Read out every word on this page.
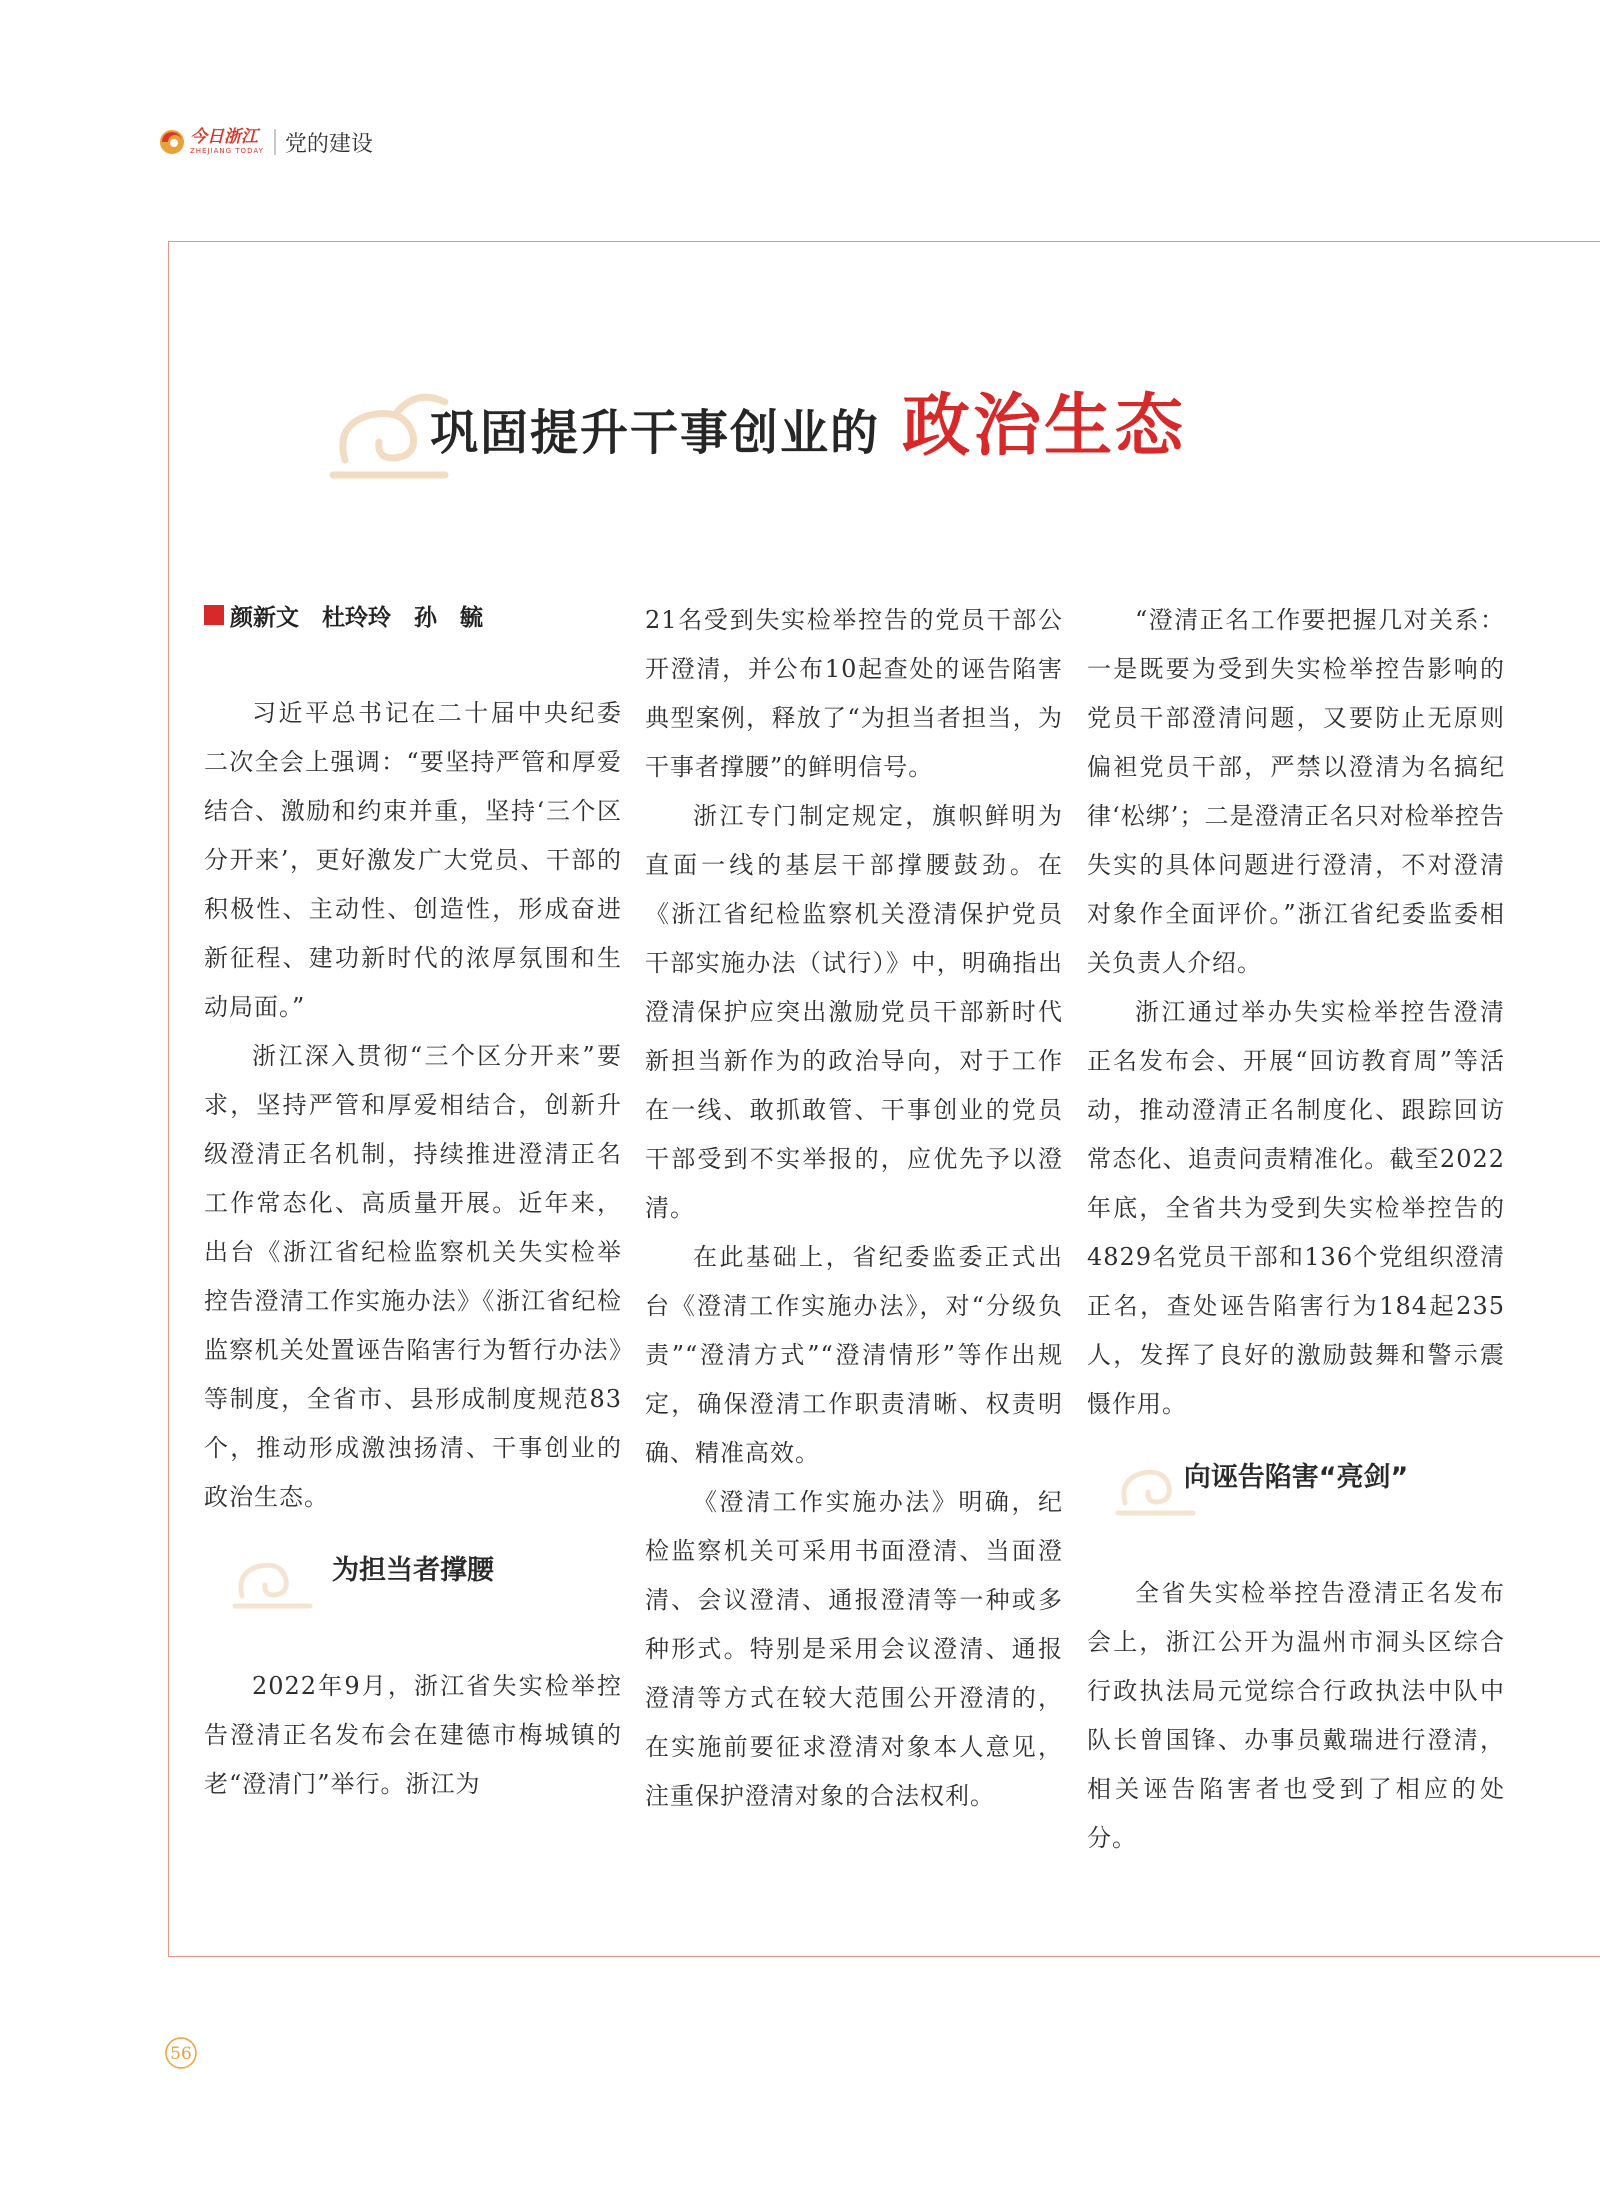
今日浙江
ZHEJIANG TODAY 党的建设
巩固提升干事创业的 政治生态
颜新文　杜玲玲　孙　毓

习近平总书记在二十届中央纪委二次全会上强调：“要坚持严管和厚爱结合、激励和约束并重，坚持‘三个区分开来’，更好激发广大党员、干部的积极性、主动性、创造性，形成奋进新征程、建功新时代的浓厚氛围和生动局面。”

浙江深入贯彻“三个区分开来”要求，坚持严管和厚爱相结合，创新升级澄清正名机制，持续推进澄清正名工作常态化、高质量开展。近年来，出台《浙江省纪检监察机关失实检举控告澄清工作实施办法》《浙江省纪检监察机关处置诬告陷害行为暂行办法》等制度，全省市、县形成制度规范83个，推动形成激浊扬清、干事创业的政治生态。

为担当者撑腰

2022年9月，浙江省失实检举控告澄清正名发布会在建德市梅城镇的老“澄清门”举行。浙江为

21名受到失实检举控告的党员干部公开澄清，并公布10起查处的诬告陷害典型案例，释放了“为担当者担当，为干事者撑腰”的鲜明信号。

浙江专门制定规定，旗帜鲜明为直面一线的基层干部撑腰鼓劲。在《浙江省纪检监察机关澄清保护党员干部实施办法（试行）》中，明确指出澄清保护应突出激励党员干部新时代新担当新作为的政治导向，对于工作在一线、敢抓敢管、干事创业的党员干部受到不实举报的，应优先予以澄清。

在此基础上，省纪委监委正式出台《澄清工作实施办法》，对“分级负责”“澄清方式”“澄清情形”等作出规定，确保澄清工作职责清晰、权责明确、精准高效。

《澄清工作实施办法》明确，纪检监察机关可采用书面澄清、当面澄清、会议澄清、通报澄清等一种或多种形式。特别是采用会议澄清、通报澄清等方式在较大范围公开澄清的，在实施前要征求澄清对象本人意见，注重保护澄清对象的合法权利。

“澄清正名工作要把握几对关系：一是既要为受到失实检举控告影响的党员干部澄清问题，又要防止无原则偏袒党员干部，严禁以澄清为名搞纪律‘松绑’；二是澄清正名只对检举控告失实的具体问题进行澄清，不对澄清对象作全面评价。”浙江省纪委监委相关负责人介绍。

浙江通过举办失实检举控告澄清正名发布会、开展“回访教育周”等活动，推动澄清正名制度化、跟踪回访常态化、追责问责精准化。截至2022年底，全省共为受到失实检举控告的4829名党员干部和136个党组织澄清正名，查处诬告陷害行为184起235人，发挥了良好的激励鼓舞和警示震慑作用。

向诬告陷害“亮剑”

全省失实检举控告澄清正名发布会上，浙江公开为温州市洞头区综合行政执法局元觉综合行政执法中队中队长曾国锋、办事员戴瑞进行澄清，相关诬告陷害者也受到了相应的处分。

56
